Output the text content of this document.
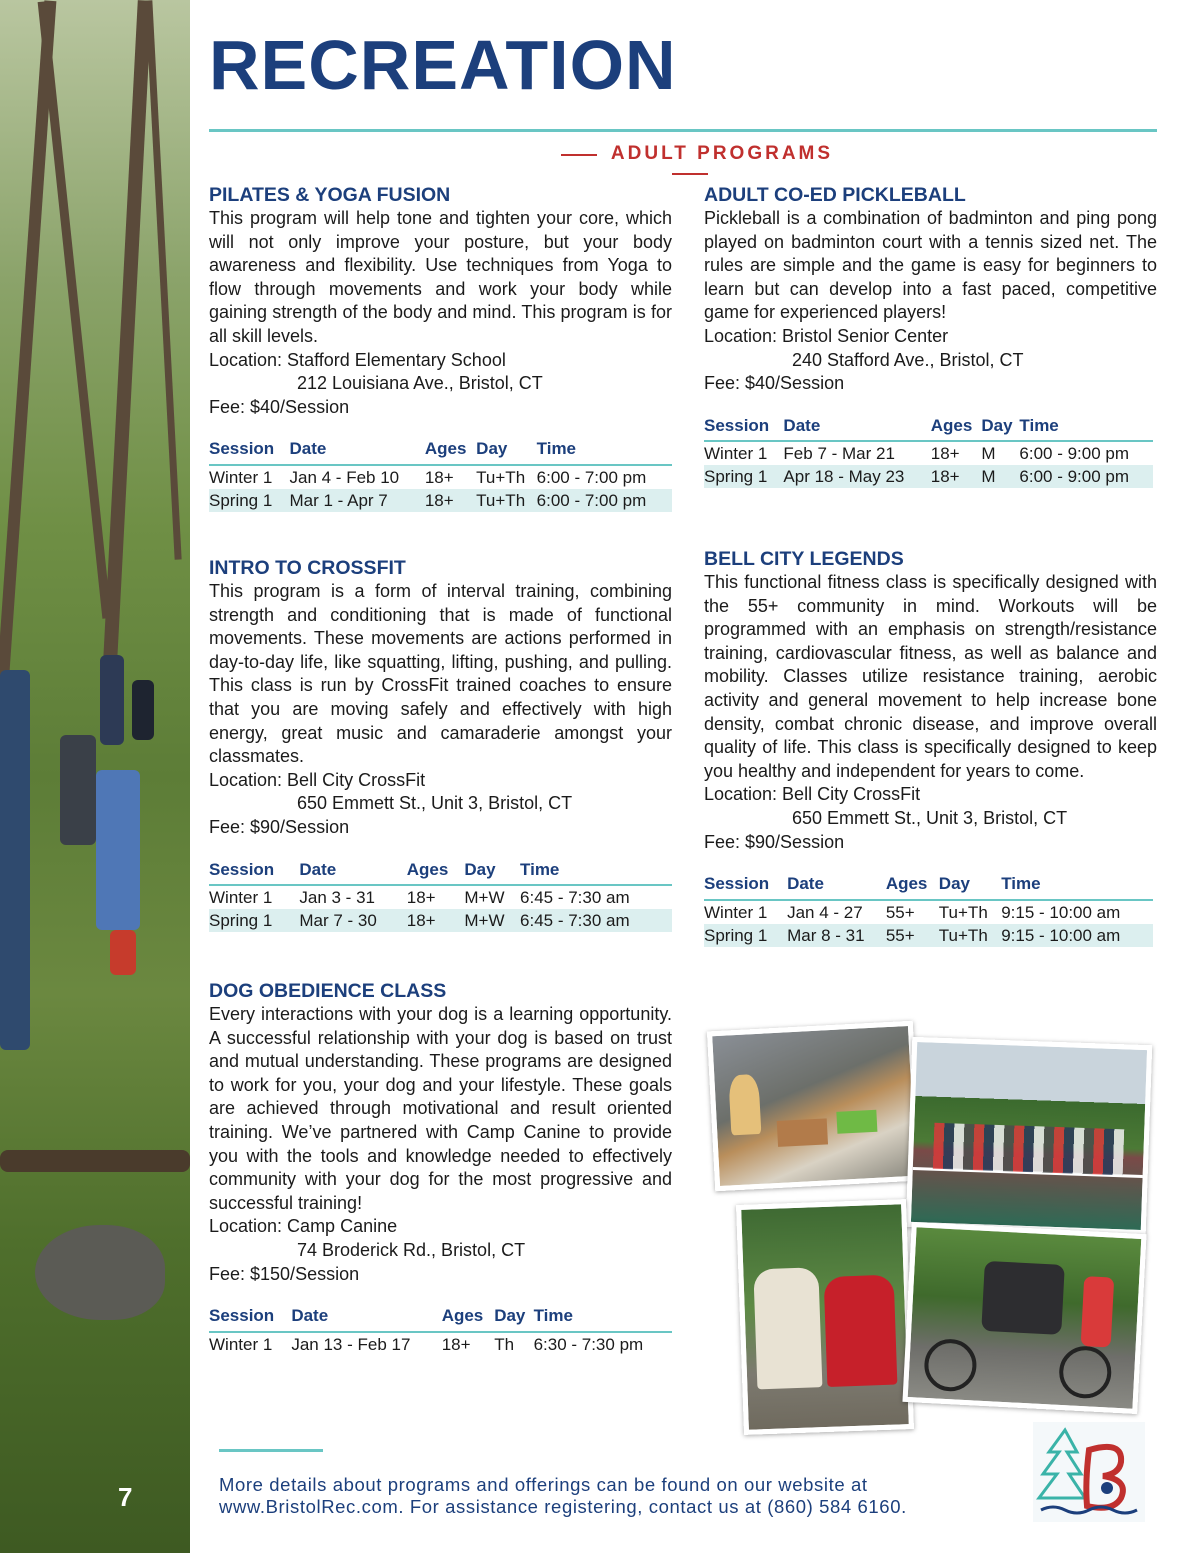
7
RECREATION
ADULT PROGRAMS
PILATES & YOGA FUSION

This program will help tone and tighten your core, which will not only improve your posture, but your body awareness and flexibility. Use techniques from Yoga to flow through movements and work your body while gaining strength of the body and mind. This program is for all skill levels.

Location: Stafford Elementary School
212 Louisiana Ave., Bristol, CT
Fee: $40/Session
Session	Date	Ages	Day	Time
Winter 1	Jan 4 - Feb 10	18+	Tu+Th	6:00 - 7:00 pm
Spring 1	Mar 1 - Apr 7	18+	Tu+Th	6:00 - 7:00 pm
ADULT CO-ED PICKLEBALL

Pickleball is a combination of badminton and ping pong played on badminton court with a tennis sized net. The rules are simple and the game is easy for beginners to learn but can develop into a fast paced, competitive game for experienced players!

Location: Bristol Senior Center
240 Stafford Ave., Bristol, CT
Fee: $40/Session
Session	Date	Ages	Day	Time
Winter 1	Feb 7 - Mar 21	18+	M	6:00 - 9:00 pm
Spring 1	Apr 18 - May 23	18+	M	6:00 - 9:00 pm
INTRO TO CROSSFIT

This program is a form of interval training, combining strength and conditioning that is made of functional movements. These movements are actions performed in day-to-day life, like squatting, lifting, pushing, and pulling. This class is run by CrossFit trained coaches to ensure that you are moving safely and effectively with high energy, great music and camaraderie amongst your classmates.

Location: Bell City CrossFit
650 Emmett St., Unit 3, Bristol, CT
Fee: $90/Session
Session	Date	Ages	Day	Time
Winter 1	Jan 3 - 31	18+	M+W	6:45 - 7:30 am
Spring 1	Mar 7 - 30	18+	M+W	6:45 - 7:30 am
BELL CITY LEGENDS

This functional fitness class is specifically designed with the 55+ community in mind. Workouts will be programmed with an emphasis on strength/resistance training, cardiovascular fitness, as well as balance and mobility. Classes utilize resistance training, aerobic activity and general movement to help increase bone density, combat chronic disease, and improve overall quality of life. This class is specifically designed to keep you healthy and independent for years to come.

Location: Bell City CrossFit
650 Emmett St., Unit 3, Bristol, CT
Fee: $90/Session
Session	Date	Ages	Day	Time
Winter 1	Jan 4 - 27	55+	Tu+Th	9:15 - 10:00 am
Spring 1	Mar 8 - 31	55+	Tu+Th	9:15 - 10:00 am
DOG OBEDIENCE CLASS

Every interactions with your dog is a learning opportunity. A successful relationship with your dog is based on trust and mutual understanding. These programs are designed to work for you, your dog and your lifestyle. These goals are achieved through motivational and result oriented training. We’ve partnered with Camp Canine to provide you with the tools and knowledge needed to effectively community with your dog for the most progressive and successful training!

Location: Camp Canine
74 Broderick Rd., Bristol, CT
Fee: $150/Session
Session	Date	Ages	Day	Time
Winter 1	Jan 13 - Feb 17	18+	Th	6:30 - 7:30 pm
More details about programs and offerings can be found on our website at
www.BristolRec.com. For assistance registering, contact us at (860) 584 6160.
